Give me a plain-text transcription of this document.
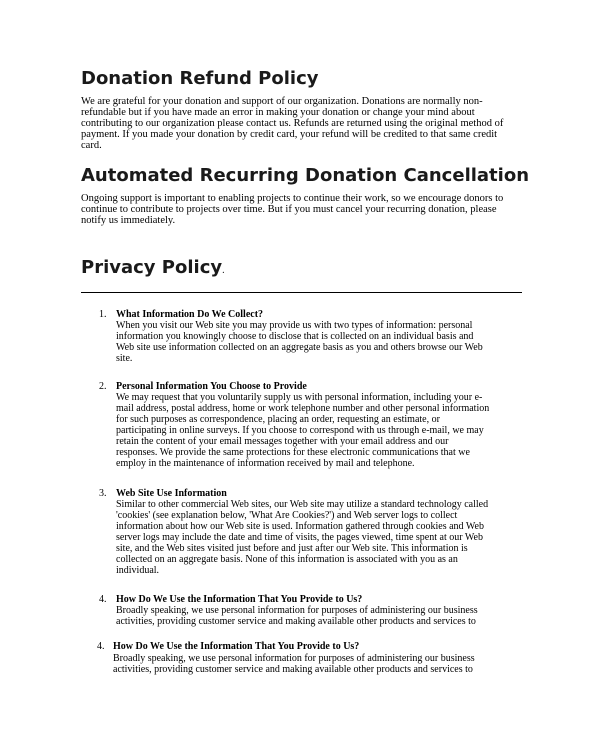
Donation Refund Policy

We are grateful for your donation and support of our organization. Donations are normally non-
refundable but if you have made an error in making your donation or change your mind about
contributing to our organization please contact us. Refunds are returned using the original method of
payment. If you made your donation by credit card, your refund will be credited to that same credit
card.

Automated Recurring Donation Cancellation

Ongoing support is important to enabling projects to continue their work, so we encourage donors to
continue to contribute to projects over time. But if you must cancel your recurring donation, please
notify us immediately.

Privacy Policy.
1. What Information Do We Collect?
When you visit our Web site you may provide us with two types of information: personal
information you knowingly choose to disclose that is collected on an individual basis and
Web site use information collected on an aggregate basis as you and others browse our Web
site.
2. Personal Information You Choose to Provide
We may request that you voluntarily supply us with personal information, including your e-
mail address, postal address, home or work telephone number and other personal information
for such purposes as correspondence, placing an order, requesting an estimate, or
participating in online surveys. If you choose to correspond with us through e-mail, we may
retain the content of your email messages together with your email address and our
responses. We provide the same protections for these electronic communications that we
employ in the maintenance of information received by mail and telephone.
3. Web Site Use Information
Similar to other commercial Web sites, our Web site may utilize a standard technology called
'cookies' (see explanation below, 'What Are Cookies?') and Web server logs to collect
information about how our Web site is used. Information gathered through cookies and Web
server logs may include the date and time of visits, the pages viewed, time spent at our Web
site, and the Web sites visited just before and just after our Web site. This information is
collected on an aggregate basis. None of this information is associated with you as an
individual.
4. How Do We Use the Information That You Provide to Us?
Broadly speaking, we use personal information for purposes of administering our business
activities, providing customer service and making available other products and services to
4. How Do We Use the Information That You Provide to Us?
Broadly speaking, we use personal information for purposes of administering our business
activities, providing customer service and making available other products and services to
